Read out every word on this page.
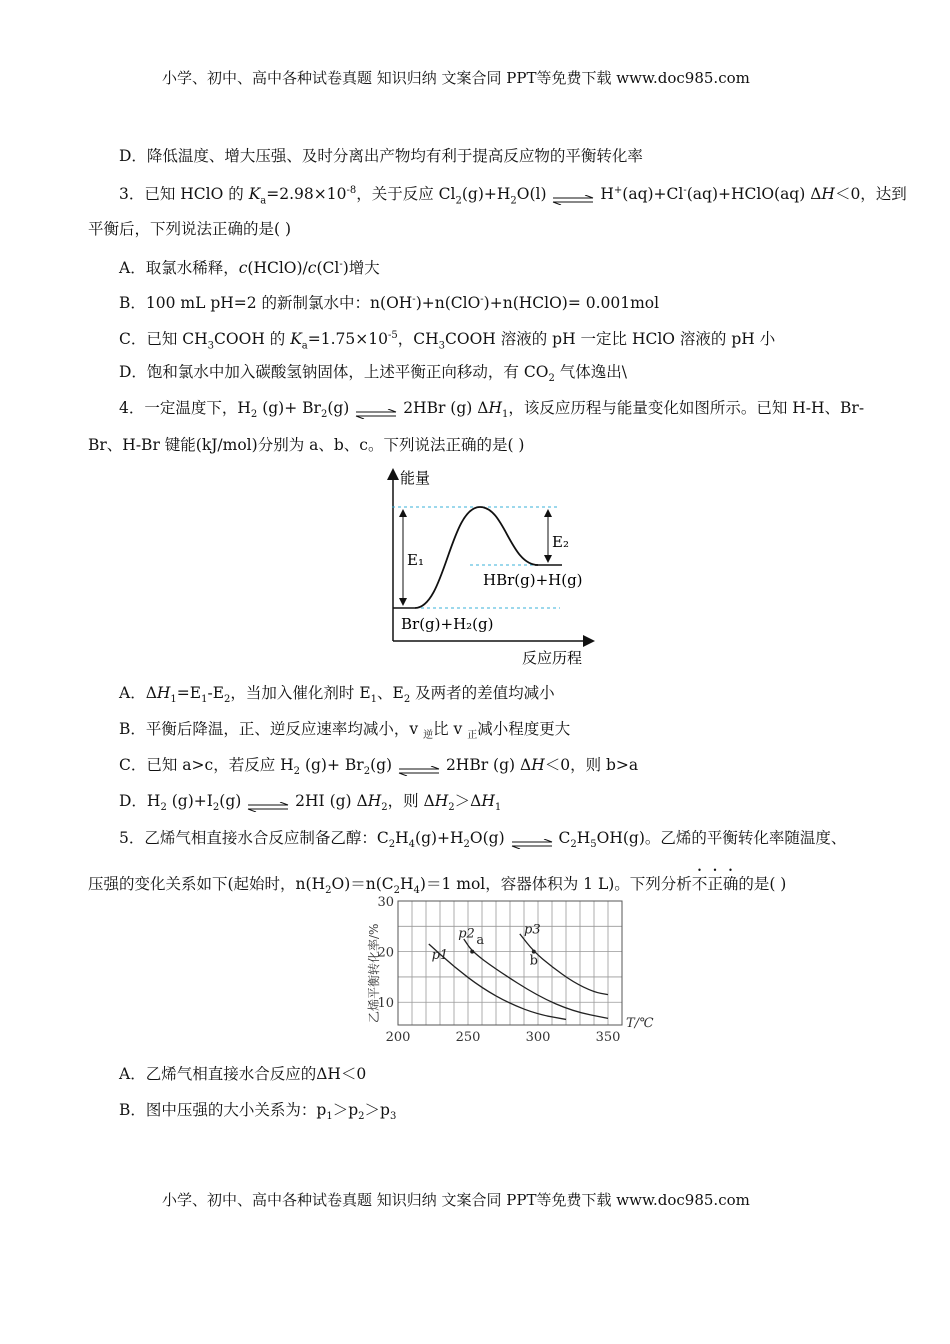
小学、初中、高中各种试卷真题 知识归纳 文案合同 PPT等免费下载 www.doc985.com
D．降低温度、增大压强、及时分离出产物均有利于提高反应物的平衡转化率
3．已知 HClO 的 $K_a=2.98\times 10^{-8}$，关于反应 $Cl_2(g)+H_2O(l)$ ⇌ H+(aq)+Cl-(aq)+HClO(aq) ΔH＜0，达到
平衡后，下列说法正确的是( )
A．取氯水稀释，c(HClO)/c(Cl-)增大
B．100 mL pH=2 的新制氯水中：n(OH-)+n(ClO-)+n(HClO)= 0.001mol
C．已知 $CH_3COOH$ 的 $K_a=1.75\times 10^{-5}$，$CH_3COOH$ 溶液的 pH 一定比 HClO 溶液的 pH 小
D．饱和氯水中加入碳酸氢钠固体，上述平衡正向移动，有 $CO_2$ 气体逸出\
4．一定温度下，$H_2$ $(g)+ Br_2(g)$ ⇌ 2HBr (g) $\Delta H_1$，该反应历程与能量变化如图所示。已知 H-H、Br-
Br、H-Br 键能(kJ/mol)分别为 a、b、c。下列说法正确的是( )
A．$\Delta H_1=E_1-E_2$，当加入催化剂时 $E_1$、$E_2$ 及两者的差值均减小
B．平衡后降温，正、逆反应速率均减小，v $_逆$比 v $_正$减小程度更大
C．已知 a>c，若反应 $H_2$ $(g)+ Br_2(g)$ ⇌ 2HBr (g) ΔH＜0，则 b>a
D．$H_2$ $(g)+I_2(g)$ ⇌ 2HI (g) $\Delta H_2$，则 $\Delta H_2>\Delta H_1$
5．乙烯气相直接水合反应制备乙醇：$C_2H_4(g)+H_2O(g)$ ⇌ $C_2H_5OH(g)$。乙烯的平衡转化率随温度、
压强的变化关系如下(起始时，$n(H_2O)=n(C_2H_4)=1$ mol，容器体积为 1 L)。下列分析不正确的是( )
A．乙烯气相直接水合反应的ΔH＜0
B．图中压强的大小关系为：$p_1>p_2>p_3$
E₁
E₂
HBr(g)+H(g)
Br(g)+H₂(g)
能量
反应历程
200	250	300	350
10
20
30
T/℃
乙烯平衡转化率/%	p1
p2	p3
a
b
小学、初中、高中各种试卷真题 知识归纳 文案合同 PPT等免费下载 www.doc985.com
